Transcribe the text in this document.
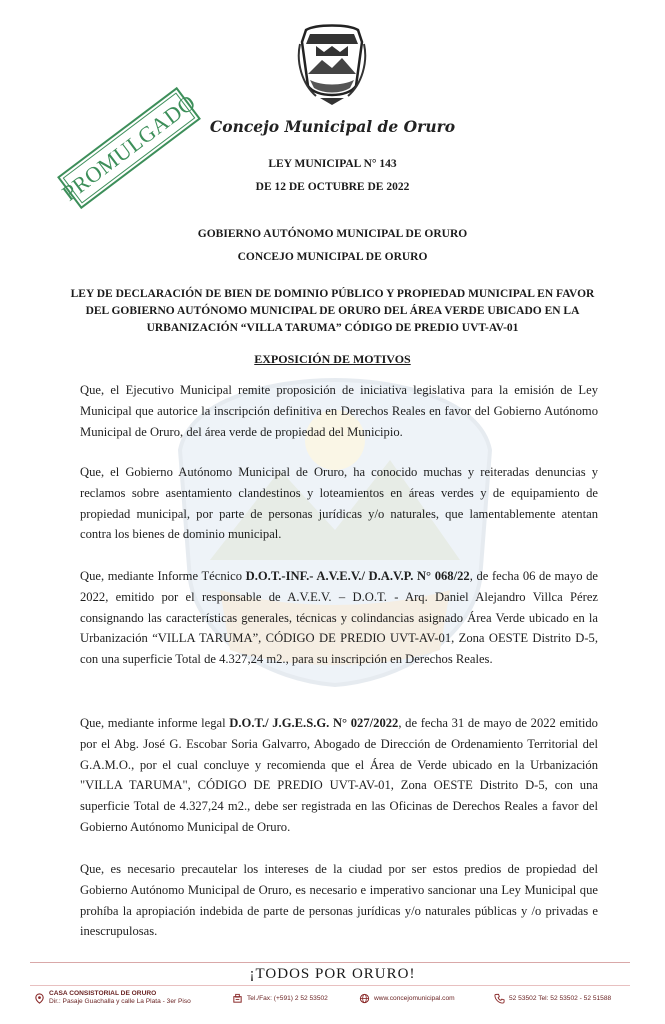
PROMULGADO Concejo Municipal de Oruro
LEY MUNICIPAL N° 143
DE 12 DE OCTUBRE DE 2022
GOBIERNO AUTÓNOMO MUNICIPAL DE ORURO
CONCEJO MUNICIPAL DE ORURO
LEY DE DECLARACIÓN DE BIEN DE DOMINIO PÚBLICO Y PROPIEDAD MUNICIPAL EN FAVOR DEL GOBIERNO AUTÓNOMO MUNICIPAL DE ORURO DEL ÁREA VERDE UBICADO EN LA URBANIZACIÓN “VILLA TARUMA” CÓDIGO DE PREDIO UVT-AV-01
EXPOSICIÓN DE MOTIVOS
Que, el Ejecutivo Municipal remite proposición de iniciativa legislativa para la emisión de Ley Municipal que autorice la inscripción definitiva en Derechos Reales en favor del Gobierno Autónomo Municipal de Oruro, del área verde de propiedad del Municipio.
Que, el Gobierno Autónomo Municipal de Oruro, ha conocido muchas y reiteradas denuncias y reclamos sobre asentamiento clandestinos y loteamientos en áreas verdes y de equipamiento de propiedad municipal, por parte de personas jurídicas y/o naturales, que lamentablemente atentan contra los bienes de dominio municipal.
Que, mediante Informe Técnico D.O.T.-INF.- A.V.E.V./ D.A.V.P. N° 068/22, de fecha 06 de mayo de 2022, emitido por el responsable de A.V.E.V. – D.O.T. - Arq. Daniel Alejandro Villca Pérez consignando las características generales, técnicas y colindancias asignado Área Verde ubicado en la Urbanización “VILLA TARUMA”, CÓDIGO DE PREDIO UVT-AV-01, Zona OESTE Distrito D-5, con una superficie Total de 4.327,24 m2., para su inscripción en Derechos Reales.
Que, mediante informe legal D.O.T./ J.G.E.S.G. N° 027/2022, de fecha 31 de mayo de 2022 emitido por el Abg. José G. Escobar Soria Galvarro, Abogado de Dirección de Ordenamiento Territorial del G.A.M.O., por el cual concluye y recomienda que el Área de Verde ubicado en la Urbanización "VILLA TARUMA", CÓDIGO DE PREDIO UVT-AV-01, Zona OESTE Distrito D-5, con una superficie Total de 4.327,24 m2., debe ser registrada en las Oficinas de Derechos Reales a favor del Gobierno Autónomo Municipal de Oruro.
Que, es necesario precautelar los intereses de la ciudad por ser estos predios de propiedad del Gobierno Autónomo Municipal de Oruro, es necesario e imperativo sancionar una Ley Municipal que prohíba la apropiación indebida de parte de personas jurídicas y/o naturales públicas y /o privadas e inescrupulosas.
¡TODOS POR ORURO!
CASA CONSISTORIAL DE ORURO
Dir.: Pasaje Guachalla y calle La Plata - 3er Piso	Tel./Fax: (+591) 2 52 53502	www.concejomunicipal.com	52 53502 Tel: 52 53502 - 52 51588
